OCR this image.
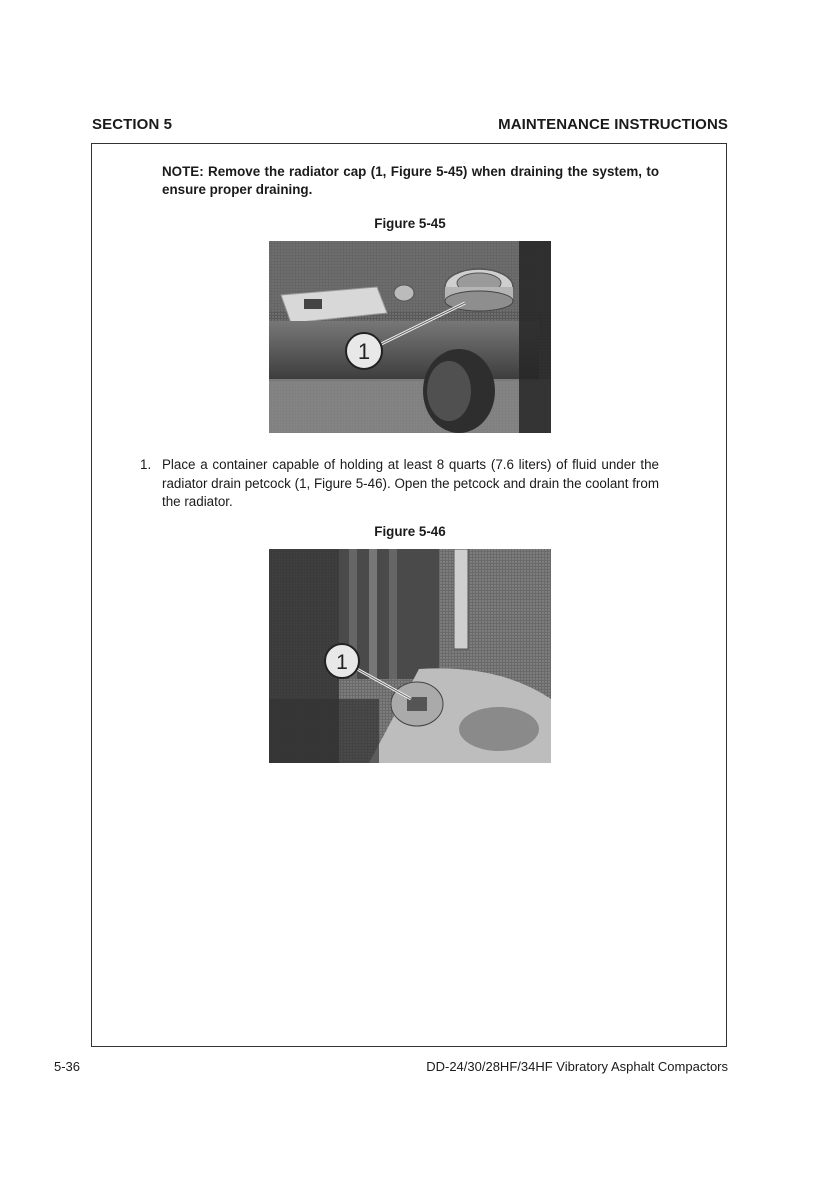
SECTION 5	MAINTENANCE INSTRUCTIONS
NOTE: Remove the radiator cap (1, Figure 5-45) when draining the system, to ensure proper draining.
Figure 5-45
1
1. Place a container capable of holding at least 8 quarts (7.6 liters) of fluid under the radiator drain petcock (1, Figure 5-46). Open the petcock and drain the coolant from the radiator.
Figure 5-46
1
5-36	DD-24/30/28HF/34HF Vibratory Asphalt Compactors
